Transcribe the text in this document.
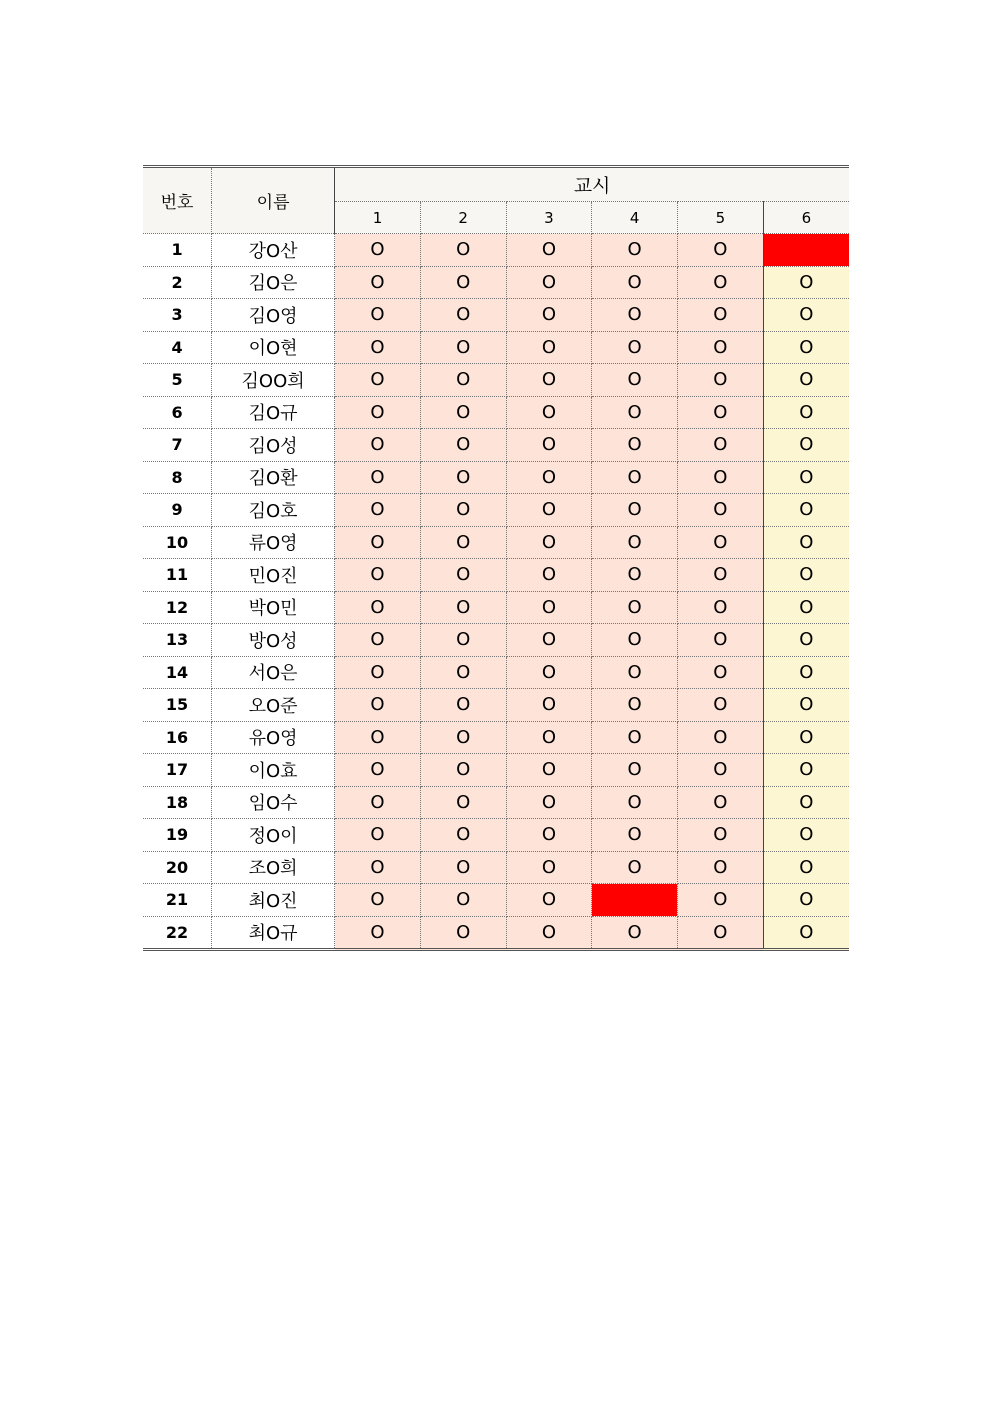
번호	이름	교시					
		1	2	3	4	5	6
1	강O산	O	O	O	O	O	
2	김O은	O	O	O	O	O	O
3	김O영	O	O	O	O	O	O
4	이O현	O	O	O	O	O	O
5	김OO희	O	O	O	O	O	O
6	김O규	O	O	O	O	O	O
7	김O성	O	O	O	O	O	O
8	김O환	O	O	O	O	O	O
9	김O호	O	O	O	O	O	O
10	류O영	O	O	O	O	O	O
11	민O진	O	O	O	O	O	O
12	박O민	O	O	O	O	O	O
13	방O성	O	O	O	O	O	O
14	서O은	O	O	O	O	O	O
15	오O준	O	O	O	O	O	O
16	유O영	O	O	O	O	O	O
17	이O효	O	O	O	O	O	O
18	임O수	O	O	O	O	O	O
19	정O이	O	O	O	O	O	O
20	조O희	O	O	O	O	O	O
21	최O진	O	O	O		O	O
22	최O규	O	O	O	O	O	O
